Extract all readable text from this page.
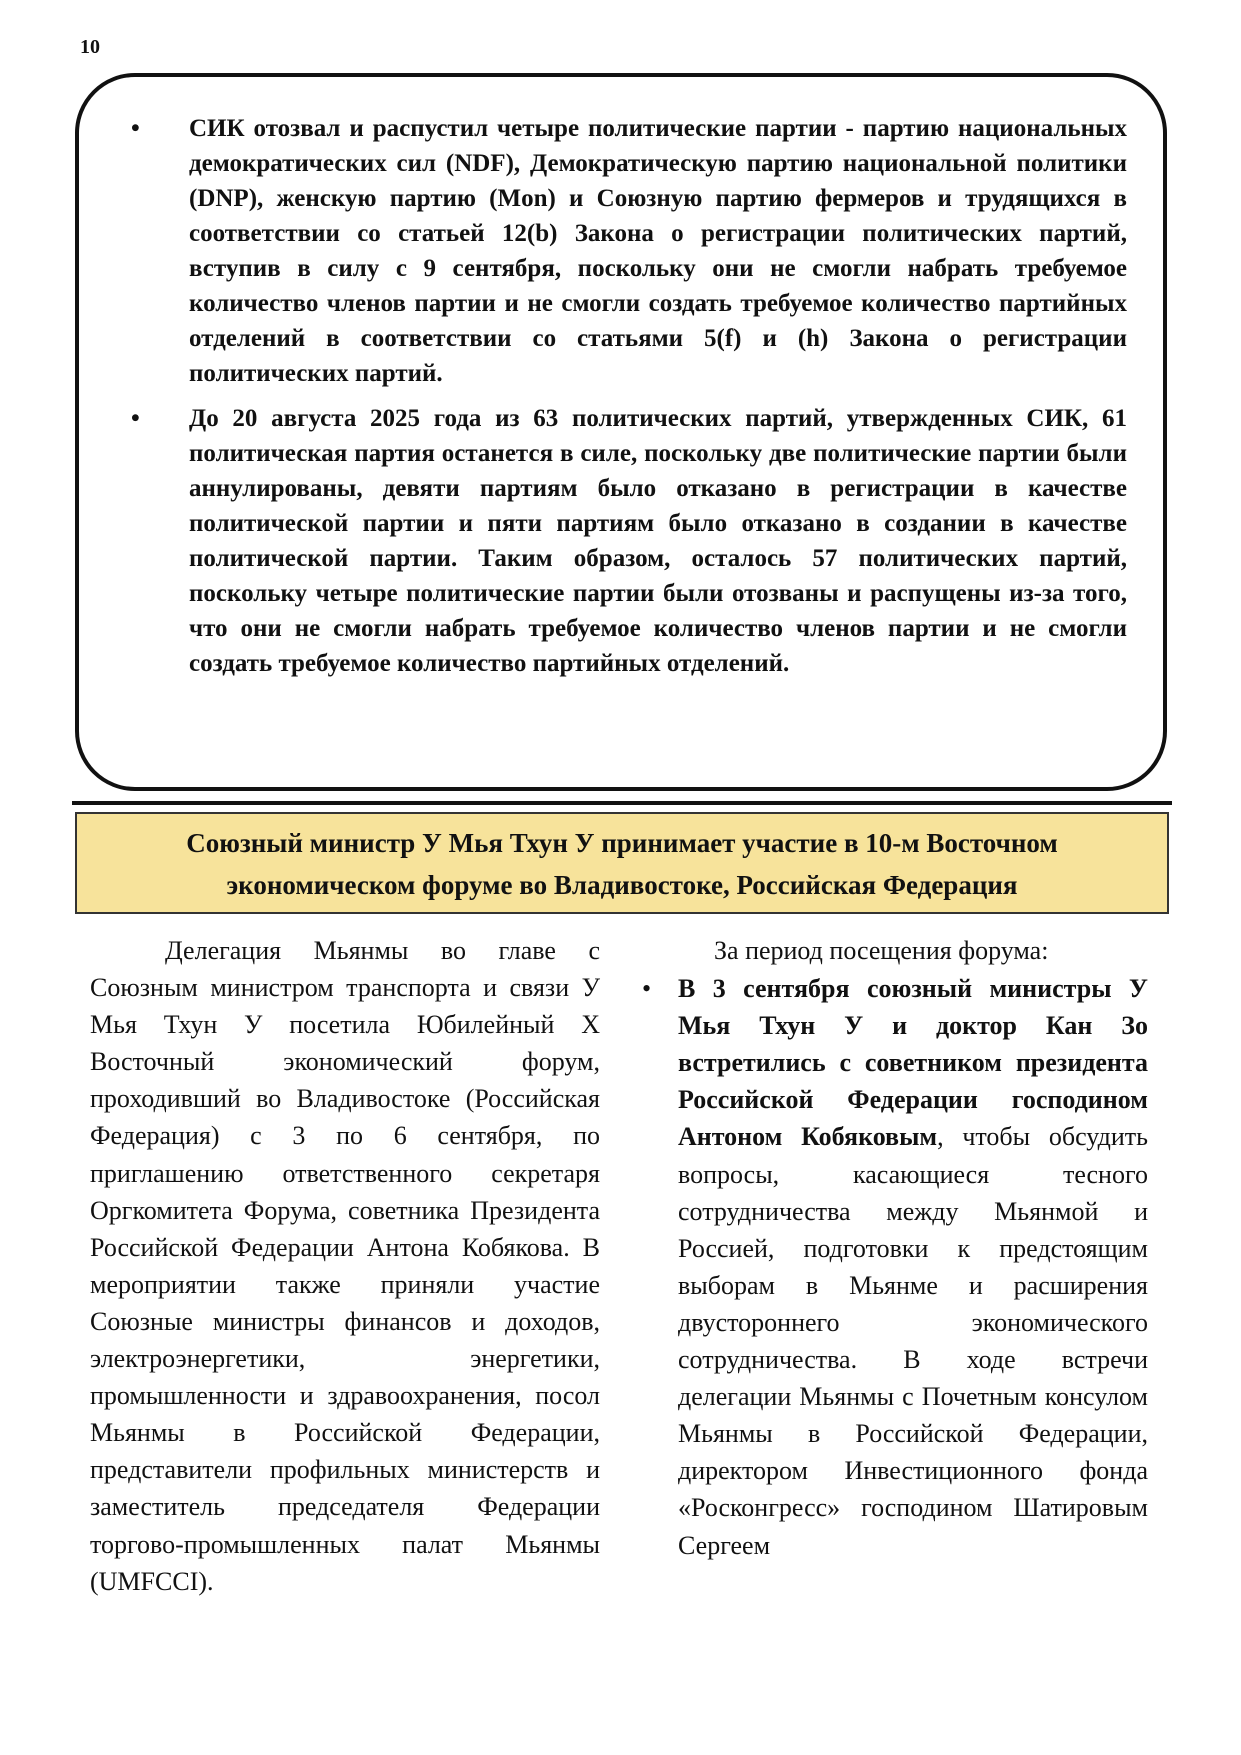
10
• СИК отозвал и распустил четыре политические партии - партию национальных демократических сил (NDF), Демократическую партию национальной политики (DNP), женскую партию (Mon) и Союзную партию фермеров и трудящихся в соответствии со статьей 12(b) Закона о регистрации политических партий, вступив в силу с 9 сентября, поскольку они не смогли набрать требуемое количество членов партии и не смогли создать требуемое количество партийных отделений в соответствии со статьями 5(f) и (h) Закона о регистрации политических партий.
• До 20 августа 2025 года из 63 политических партий, утвержденных СИК, 61 политическая партия останется в силе, поскольку две политические партии были аннулированы, девяти партиям было отказано в регистрации в качестве политической партии и пяти партиям было отказано в создании в качестве политической партии. Таким образом, осталось 57 политических партий, поскольку четыре политические партии были отозваны и распущены из-за того, что они не смогли набрать требуемое количество членов партии и не смогли создать требуемое количество партийных отделений.
Союзный министр У Мья Тхун У принимает участие в 10-м Восточном
экономическом форуме во Владивостоке, Российская Федерация

Делегация Мьянмы во главе с Союзным министром транспорта и связи У Мья Тхун У посетила Юбилейный X Восточный экономический форум, проходивший во Владивостоке (Российская Федерация) с 3 по 6 сентября, по приглашению ответственного секретаря Оргкомитета Форума, советника Президента Российской Федерации Антона Кобякова. В мероприятии также приняли участие Союзные министры финансов и доходов, электроэнергетики, энергетики, промышленности и здравоохранения, посол Мьянмы в Российской Федерации, представители профильных министерств и заместитель председателя Федерации торгово-промышленных палат Мьянмы (UMFCCI).

За период посещения форума:

• В 3 сентября союзный министры У Мья Тхун У и доктор Кан Зо встретились с советником президента Российской Федерации господином Антоном Кобяковым, чтобы обсудить вопросы, касающиеся тесного сотрудничества между Мьянмой и Россией, подготовки к предстоящим выборам в Мьянме и расширения двустороннего экономического сотрудничества. В ходе встречи делегации Мьянмы с Почетным консулом Мьянмы в Российской Федерации, директором Инвестиционного фонда «Росконгресс» господином Шатировым Сергеем
